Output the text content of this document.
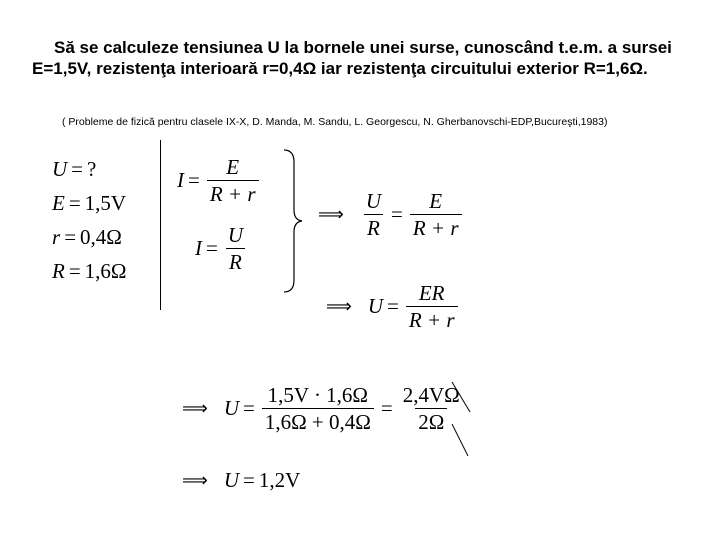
Să se calculeze tensiunea U la bornele unei surse, cunoscând t.e.m. a sursei E=1,5V, rezistenţa interioară r=0,4Ω iar rezistenţa circuitului exterior R=1,6Ω.

( Probleme de fizică pentru clasele IX-X, D. Manda, M. Sandu, L. Georgescu, N. Gherbanovschi-EDP,Bucureşti,1983)
U = ?
E = 1,5V
r = 0,4Ω
R = 1,6Ω
$I = \frac{E}{R + r}$
$I = \frac{U}{R}$
⟹ $\frac{U}{R} = \frac{E}{R + r}$
⟹ $U = \frac{ER}{R + r}$
⟹ $U = \frac{1,5V \cdot 1,6\Omega}{1,6\Omega + 0,4\Omega} = \frac{2,4V\Omega}{2\Omega}$
⟹ U = 1,2V
